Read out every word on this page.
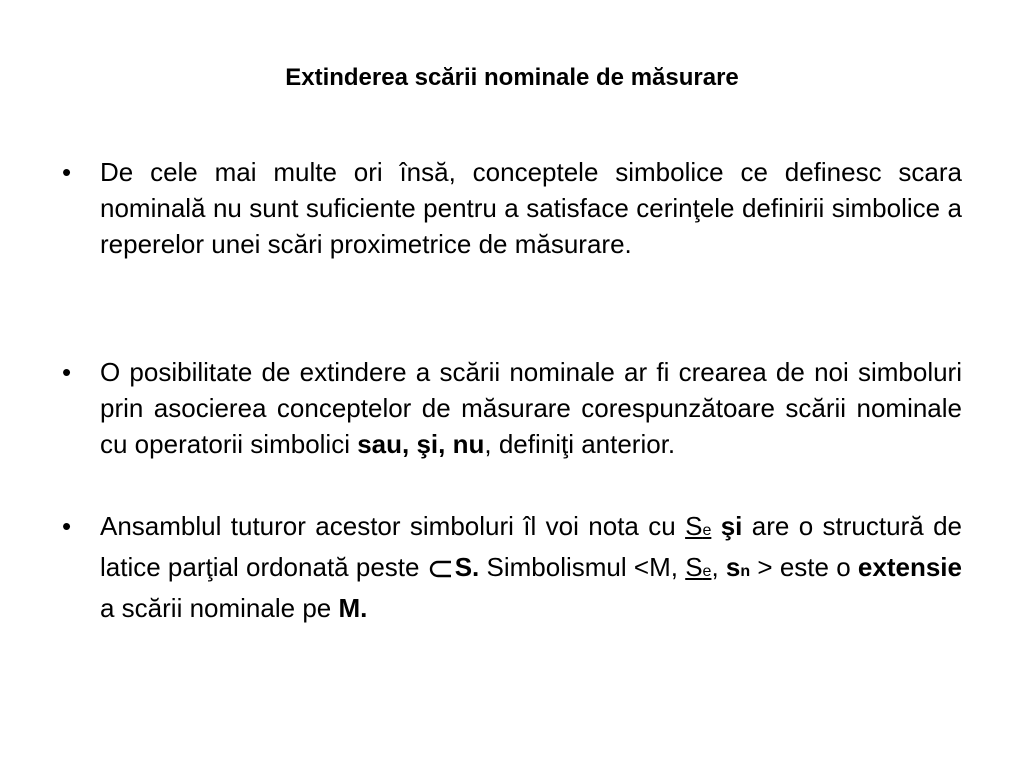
Extinderea scării nominale de măsurare
•	De cele mai multe ori însă, conceptele simbolice ce definesc scara nominală nu sunt suficiente pentru a satisface cerinţele definirii simbolice a reperelor unei scări proximetrice de măsurare.
•	O posibilitate de extindere a scării nominale ar fi crearea de noi simboluri prin asocierea conceptelor de măsurare corespunzătoare scării nominale cu operatorii simbolici sau, şi, nu, definiţi anterior.
•	Ansamblul tuturor acestor simboluri îl voi nota cu Se şi are o structură de latice parţial ordonată peste S. Simbolismul <M, Se, sn > este o extensie a scării nominale pe M.
